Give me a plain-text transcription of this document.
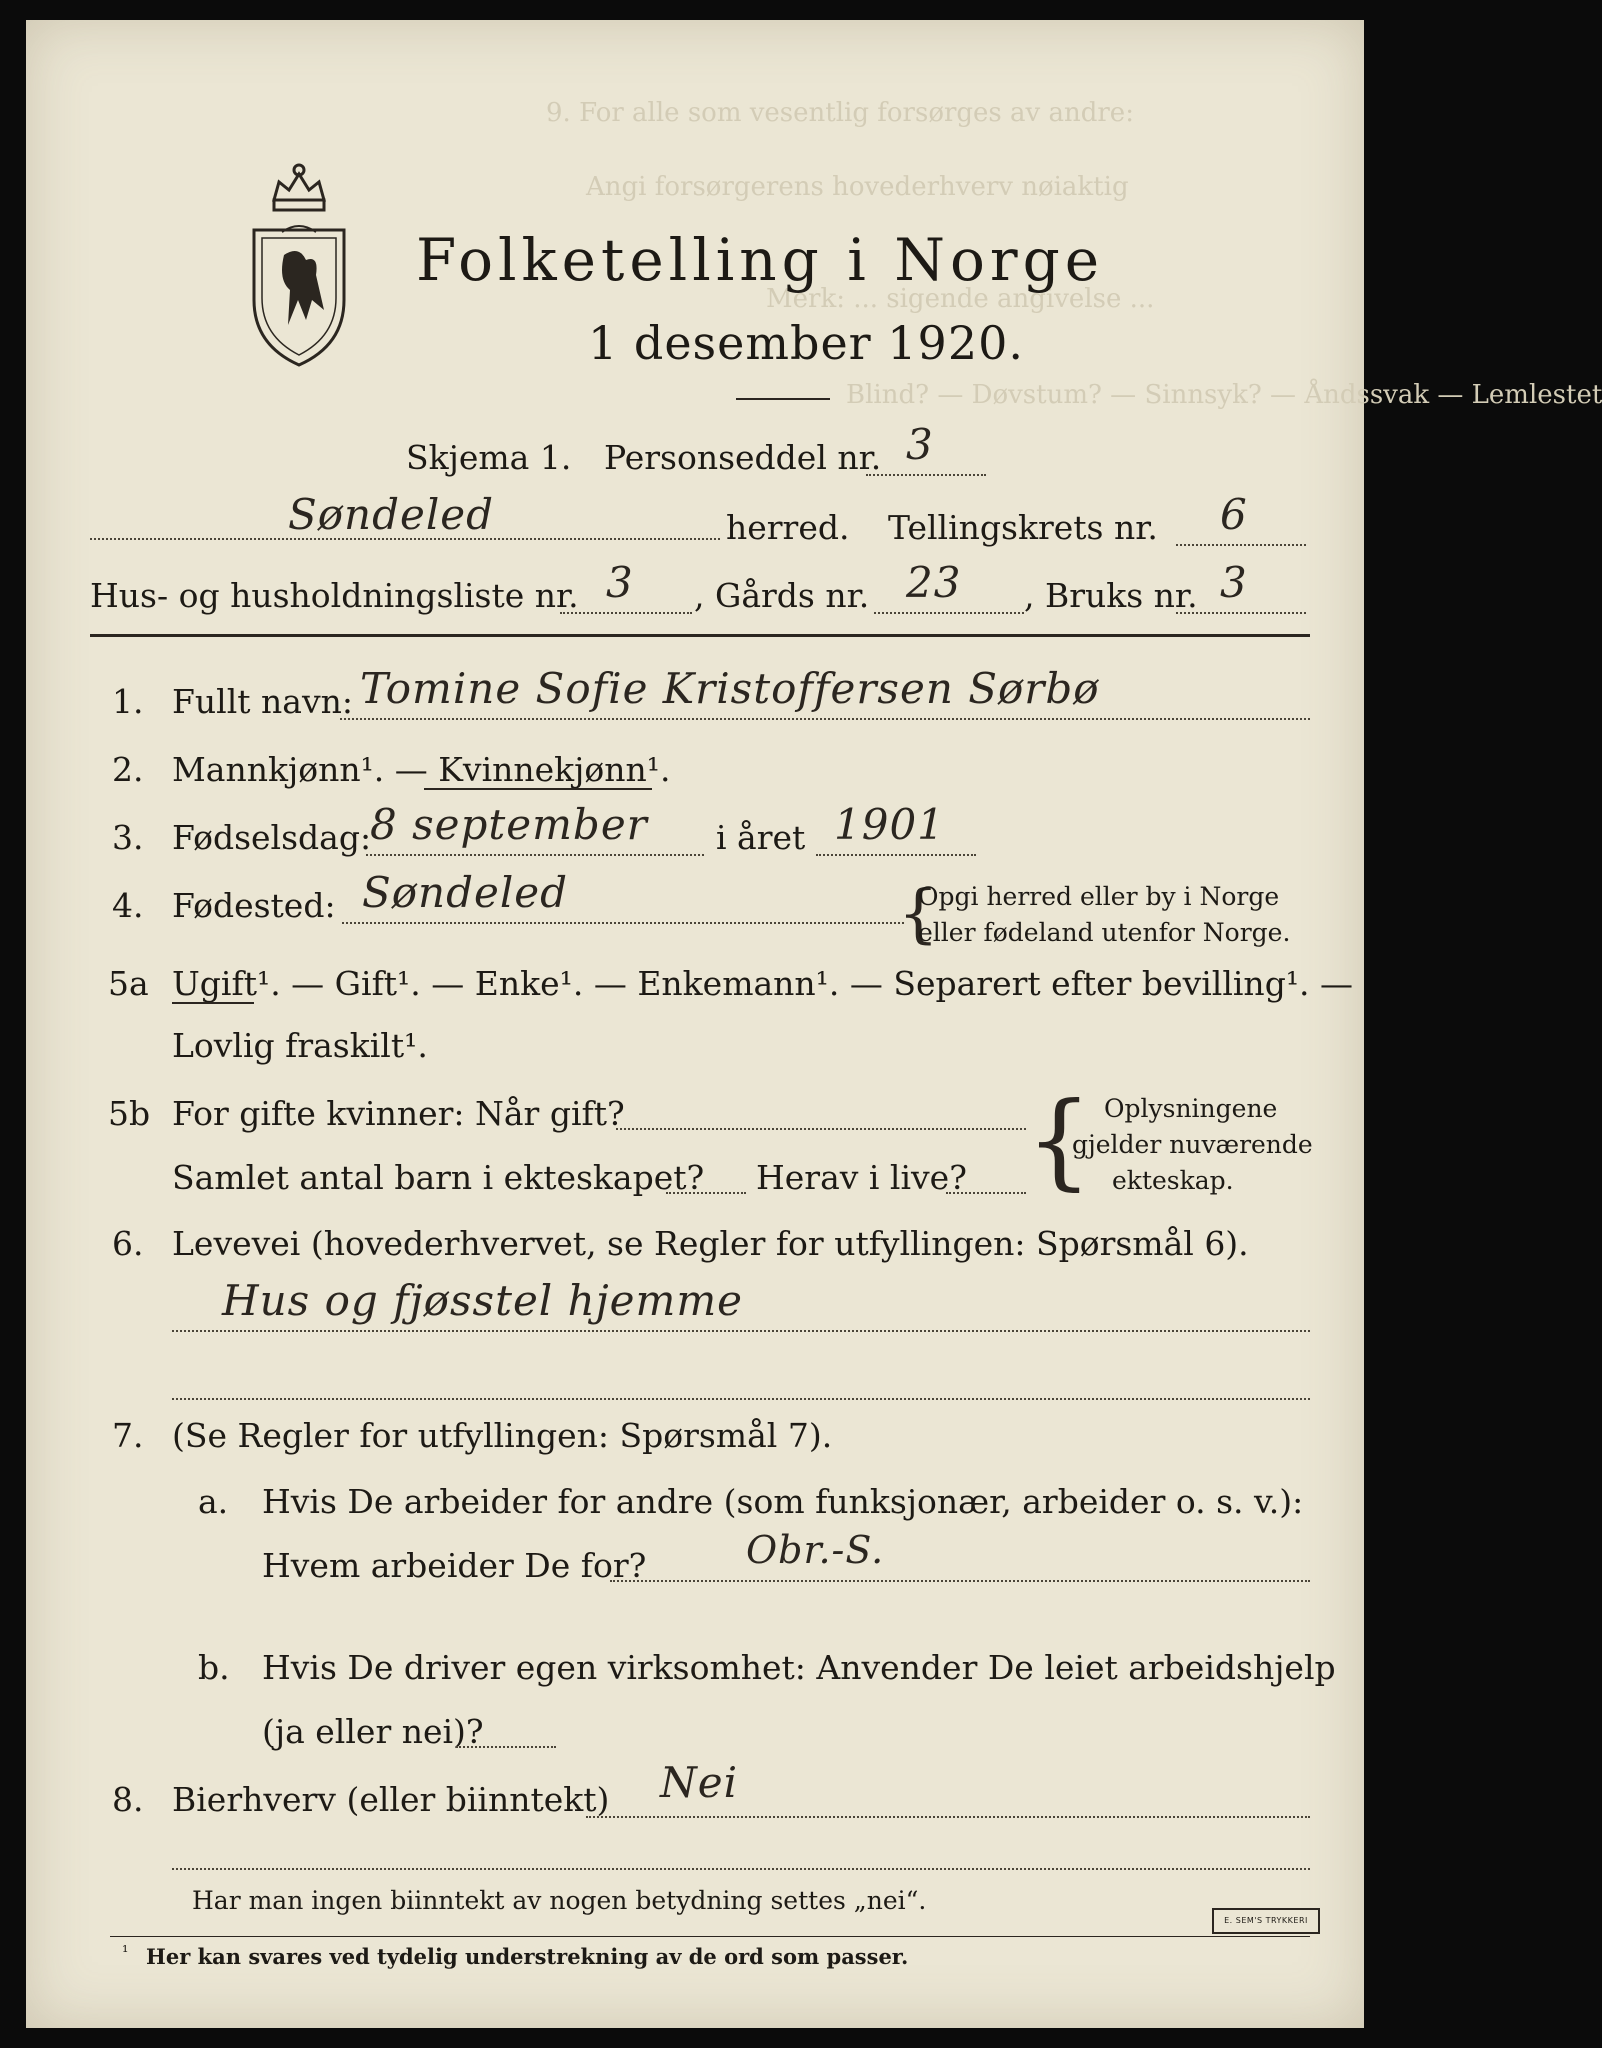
9. For alle som vesentlig forsørges av andre:
Angi forsørgerens hovederhverv nøiaktig
Merk: ... sigende angivelse ...
Blind? — Døvstum? — Sinnsyk? — Åndssvak — Lemlestet
Folketelling i Norge
1 desember 1920.
Skjema 1. Personseddel nr. 3
Søndeled	herred. Tellingskrets nr. 6
Hus- og husholdningsliste nr. 3 , Gårds nr. 23 , Bruks nr. 3
1. Fullt navn: Tomine Sofie Kristoffersen Sørbø
2. Mannkjønn¹. — Kvinnekjønn¹.
3. Fødselsdag:
8 september i året 1901
4. Fødested: Søndeled	{
Opgi herred eller by i Norge
eller fødeland utenfor Norge.
5a Ugift¹. — Gift¹. — Enke¹. — Enkemann¹. — Separert efter bevilling¹. —
Lovlig fraskilt¹.
5b For gifte kvinner: Når gift?
Samlet antal barn i ekteskapet? Herav i live? { Oplysningene
gjelder nuværende
ekteskap.
6. Levevei (hovederhvervet, se Regler for utfyllingen: Spørsmål 6).
Hus og fjøsstel hjemme
7. (Se Regler for utfyllingen: Spørsmål 7).
a. Hvis De arbeider for andre (som funksjonær, arbeider o. s. v.):
Hvem arbeider De for?	Obr.-S.
b. Hvis De driver egen virksomhet: Anvender De leiet arbeidshjelp
(ja eller nei)?
8. Bierhverv (eller biinntekt) Nei
Har man ingen biinntekt av nogen betydning settes „nei“.
¹ Her kan svares ved tydelig understrekning av de ord som passer.
E. SEM'S TRYKKERI
